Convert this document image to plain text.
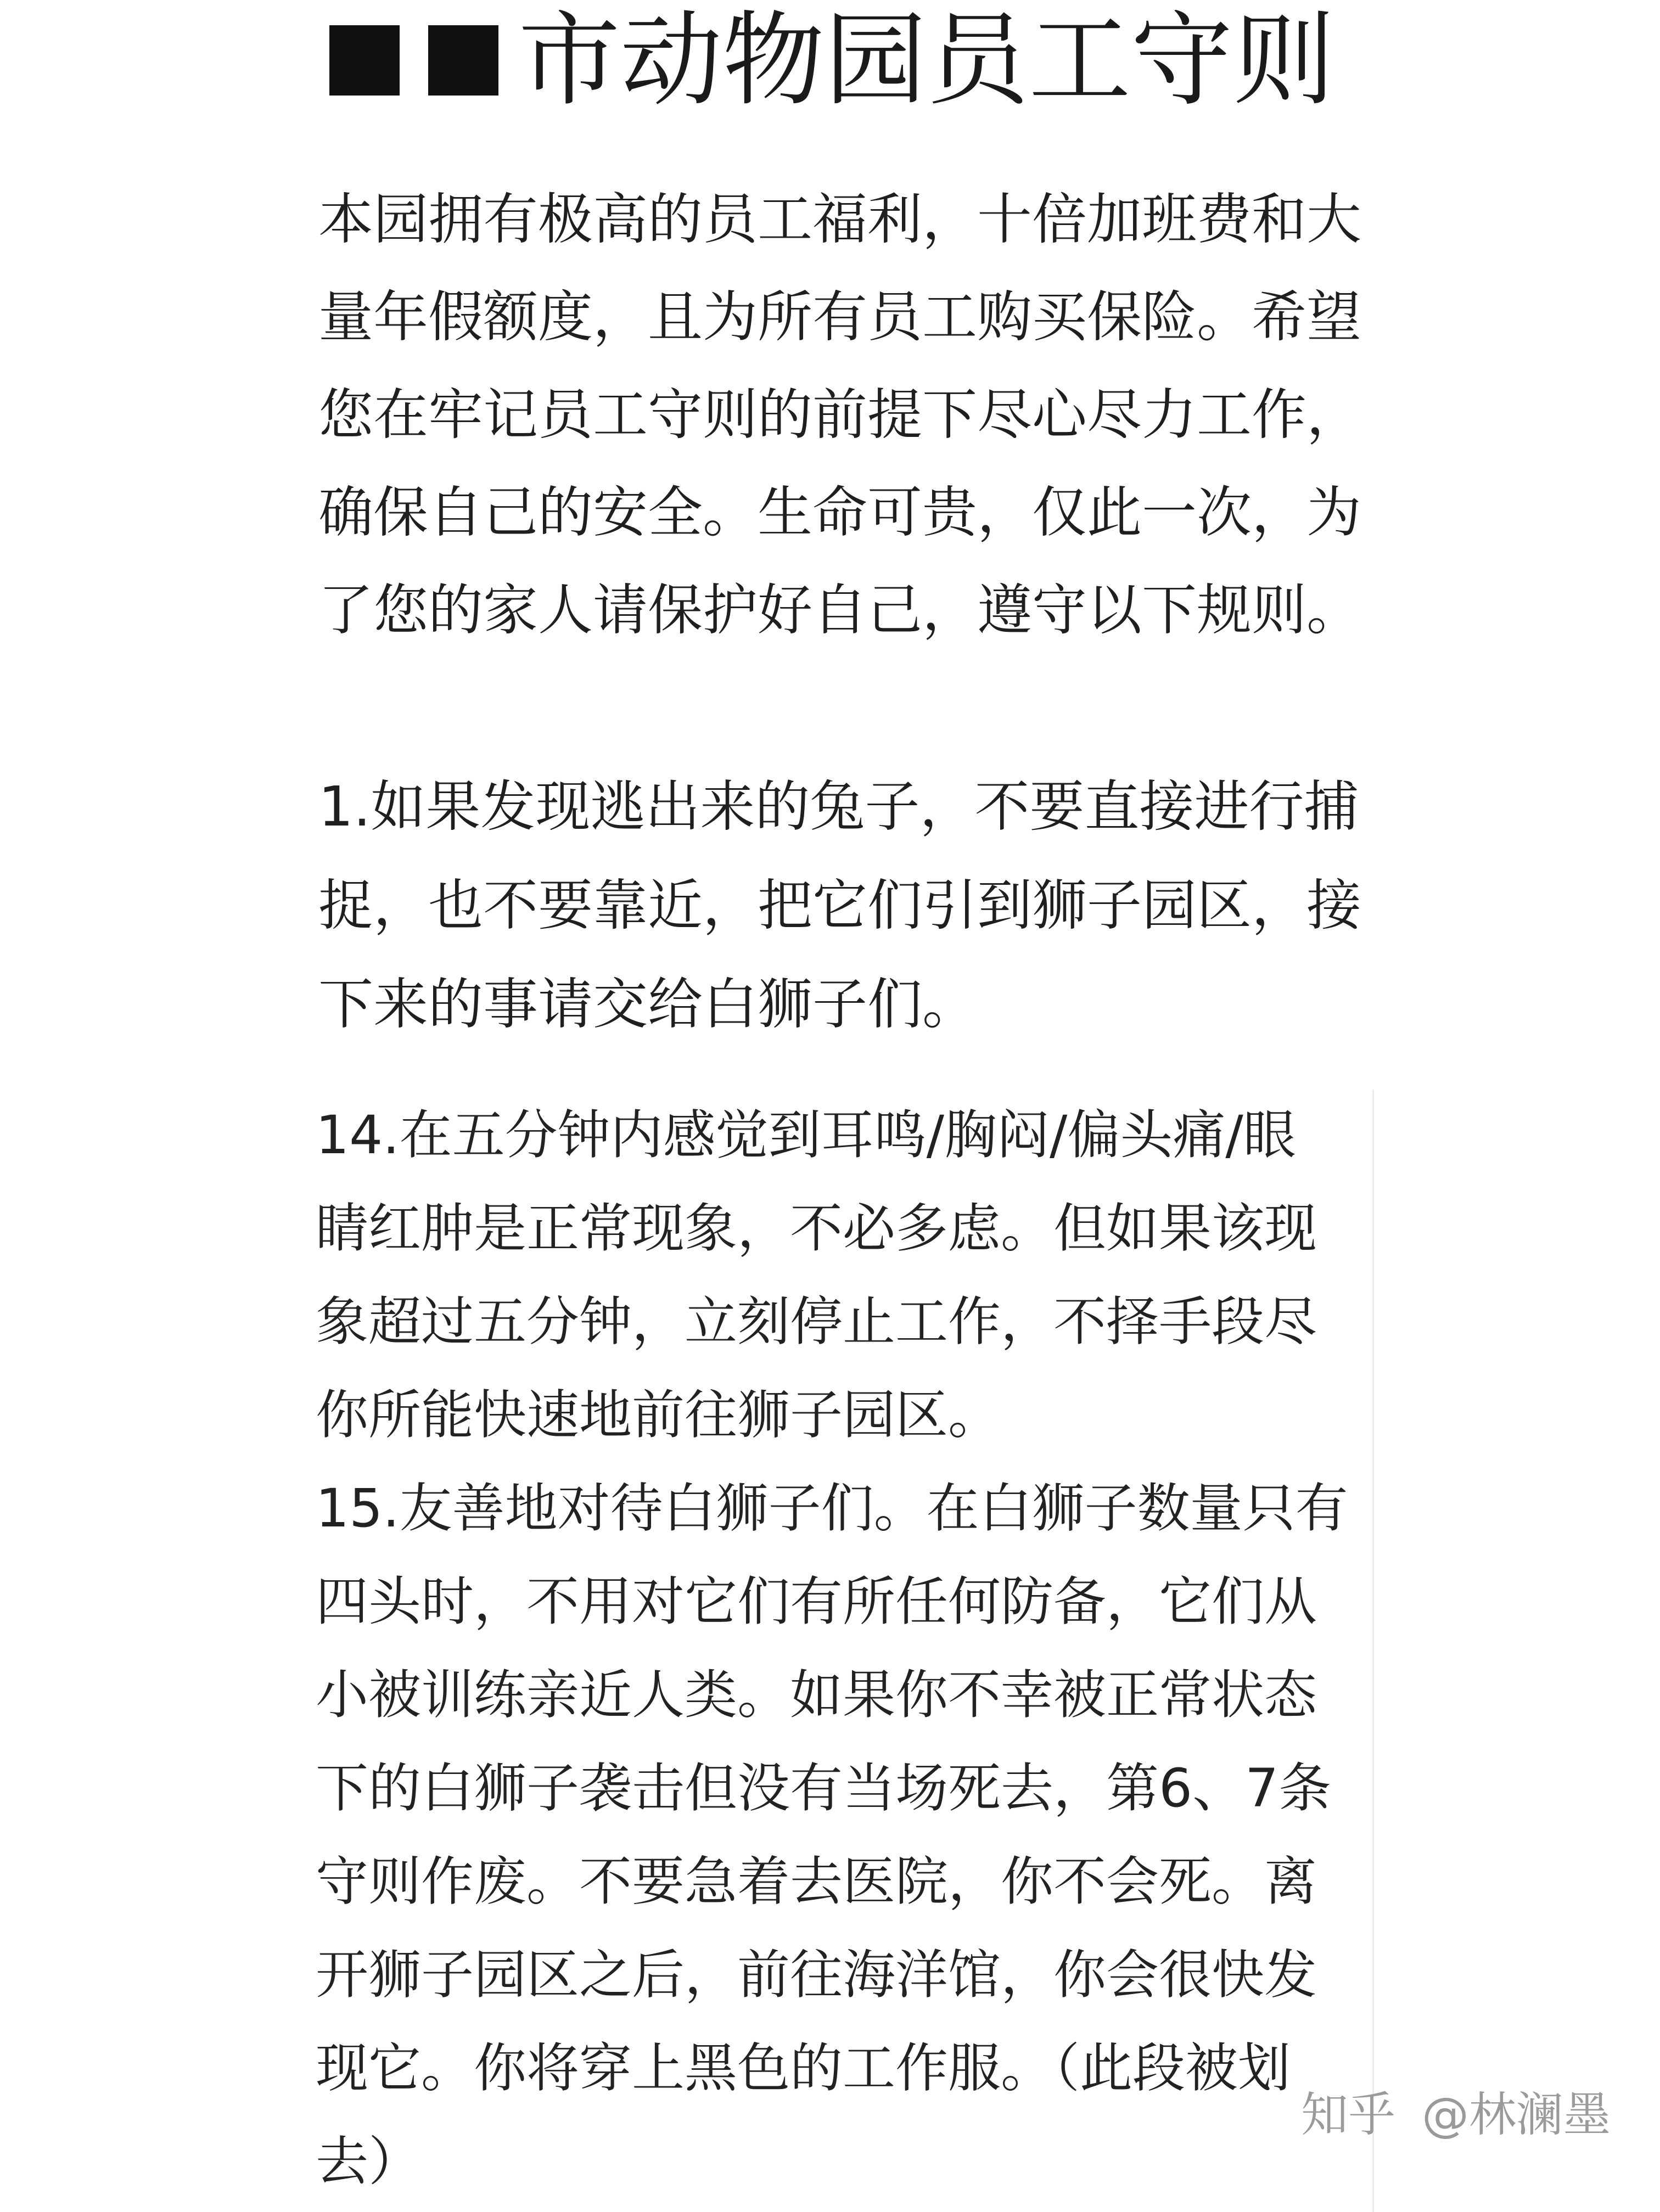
市动物园员工守则
本园拥有极高的员工福利，十倍加班费和大
量年假额度，且为所有员工购买保险。希望
您在牢记员工守则的前提下尽心尽力工作，
确保自己的安全。生命可贵，仅此一次，为
了您的家人请保护好自己，遵守以下规则。
1.如果发现逃出来的兔子，不要直接进行捕
捉，也不要靠近，把它们引到狮子园区，接
下来的事请交给白狮子们。
14.在五分钟内感觉到耳鸣/胸闷/偏头痛/眼
睛红肿是正常现象，不必多虑。但如果该现
象超过五分钟，立刻停止工作，不择手段尽
你所能快速地前往狮子园区。
15.友善地对待白狮子们。在白狮子数量只有
四头时，不用对它们有所任何防备，它们从
小被训练亲近人类。如果你不幸被正常状态
下的白狮子袭击但没有当场死去，第6、7条
守则作废。不要急着去医院，你不会死。离
开狮子园区之后，前往海洋馆，你会很快发
现它。你将穿上黑色的工作服。（此段被划
去）
知乎 @林澜墨
